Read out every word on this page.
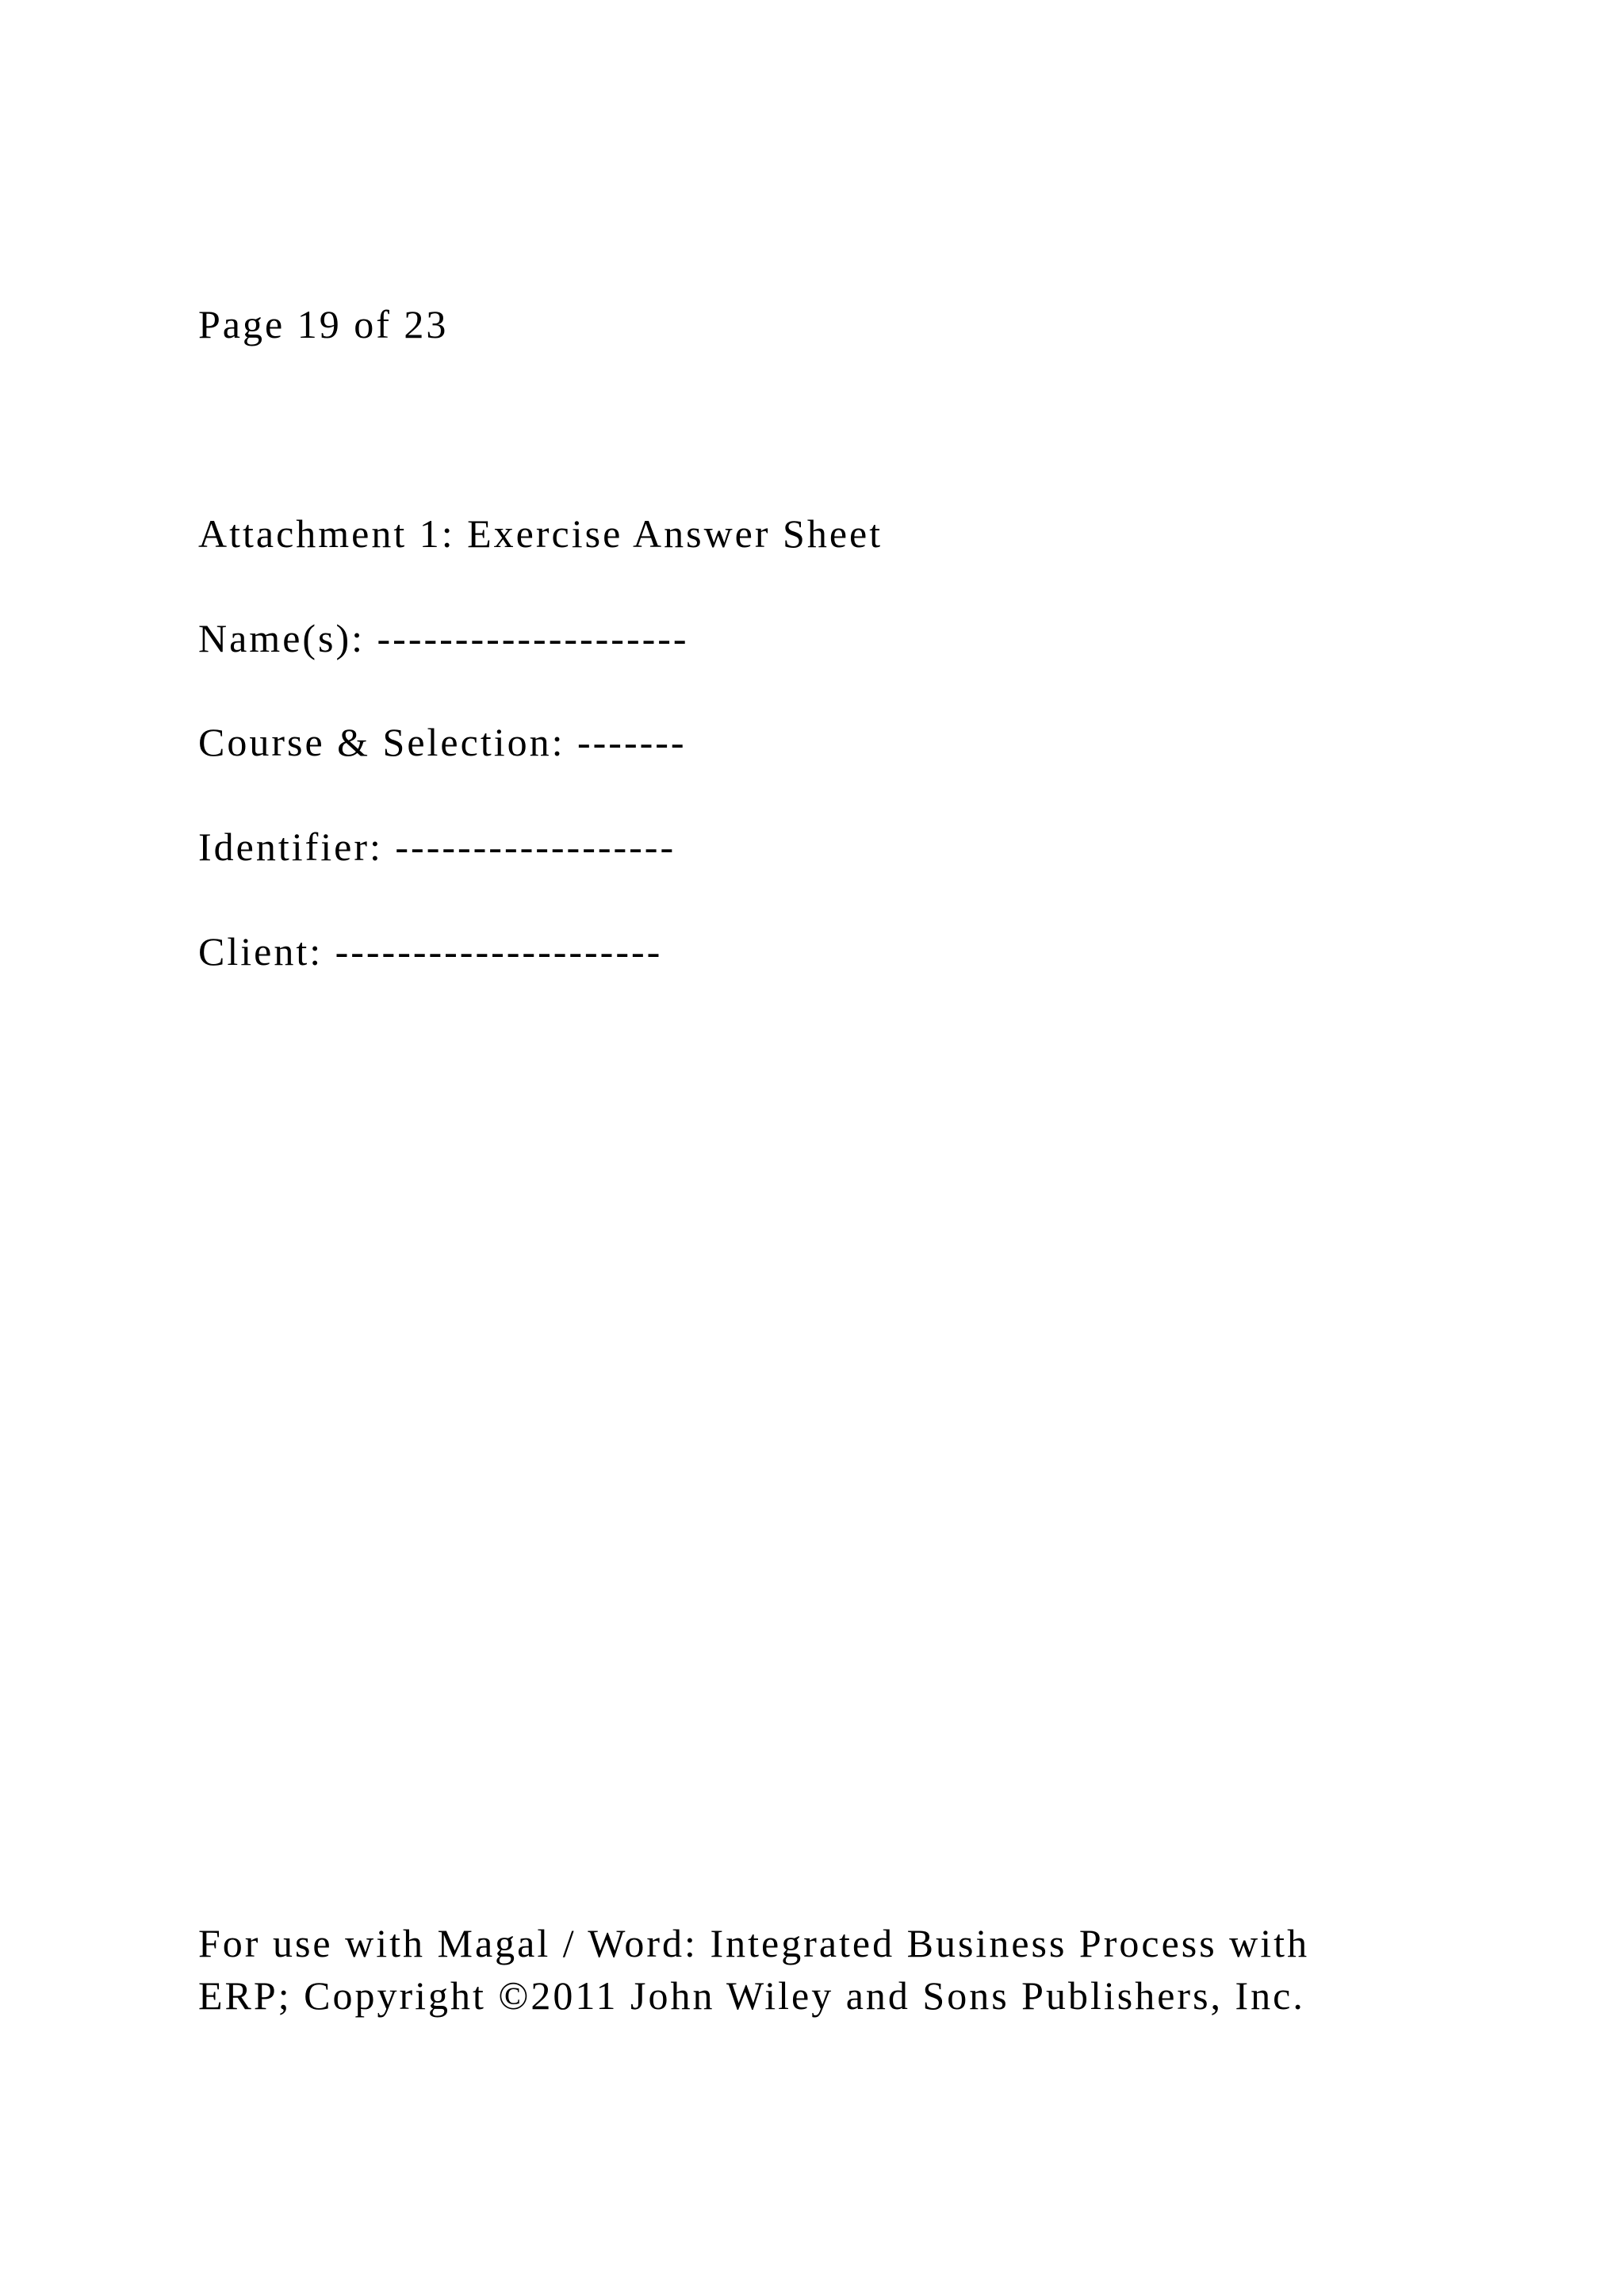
Page 19 of 23

Attachment 1: Exercise Answer Sheet

Name(s): --------------------

Course & Selection: -------

Identifier: ------------------

Client: ---------------------

For use with Magal / Word: Integrated Business Process with
ERP; Copyright ©2011 John Wiley and Sons Publishers, Inc.
